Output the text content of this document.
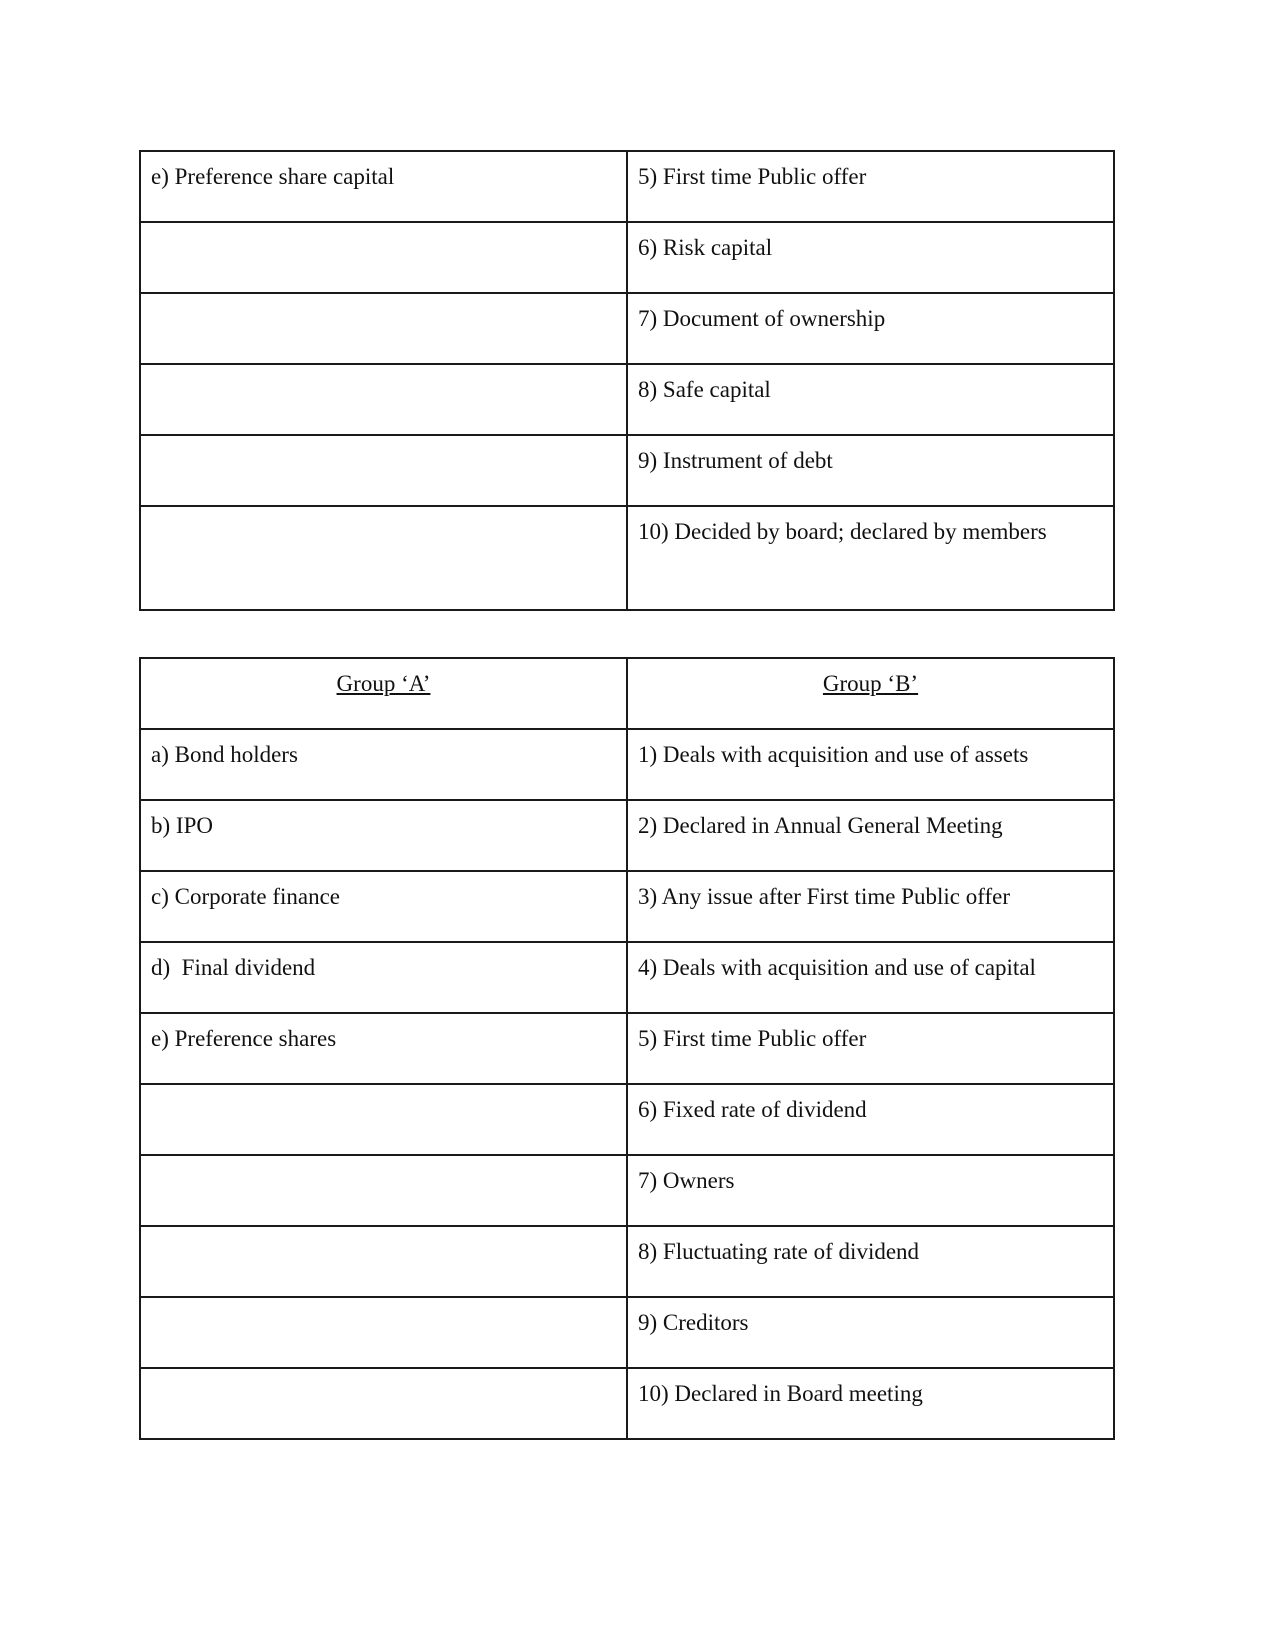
e) Preference share capital	5) First time Public offer
	6) Risk capital
	7) Document of ownership
	8) Safe capital
	9) Instrument of debt
	10) Decided by board; declared by members
Group ‘A’	Group ‘B’
a) Bond holders	1) Deals with acquisition and use of assets
b) IPO	2) Declared in Annual General Meeting
c) Corporate finance	3) Any issue after First time Public offer
d)  Final dividend	4) Deals with acquisition and use of capital
e) Preference shares	5) First time Public offer
	6) Fixed rate of dividend
	7) Owners
	8) Fluctuating rate of dividend
	9) Creditors
	10) Declared in Board meeting
